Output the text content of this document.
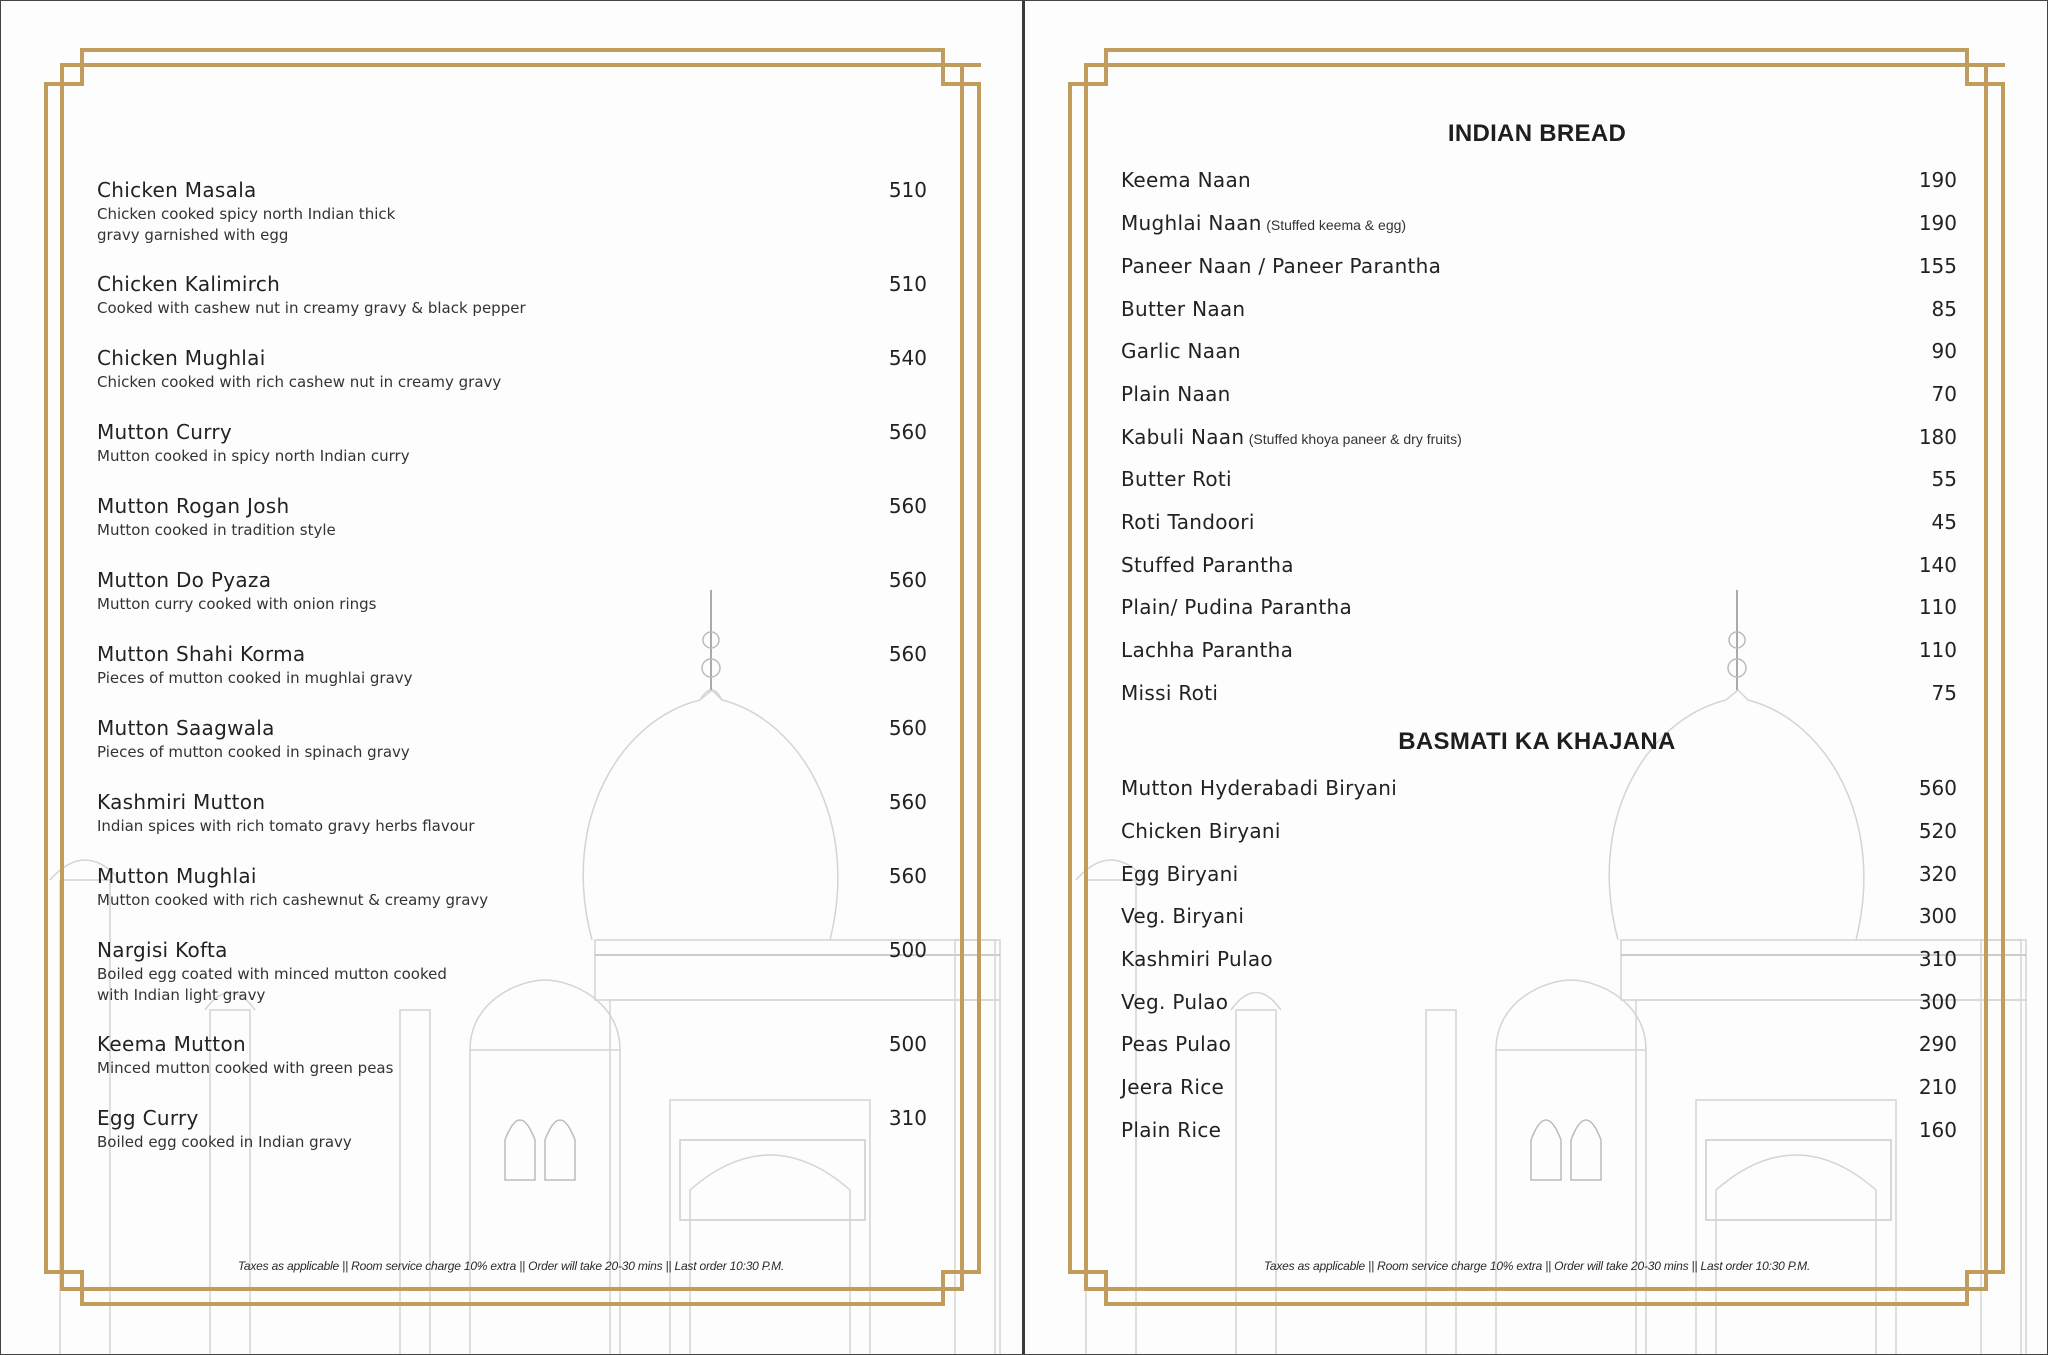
Chicken Masala
Chicken cooked spicy north Indian thick gravy garnished with egg
510
Chicken Kalimirch
Cooked with cashew nut in creamy gravy & black pepper
510
Chicken Mughlai
Chicken cooked with rich cashew nut in creamy gravy
540
Mutton Curry
Mutton cooked in spicy north Indian curry
560
Mutton Rogan Josh
Mutton cooked in tradition style
560
Mutton Do Pyaza
Mutton curry cooked with onion rings
560
Mutton Shahi Korma
Pieces of mutton cooked in mughlai gravy
560
Mutton Saagwala
Pieces of mutton cooked in spinach gravy
560
Kashmiri Mutton
Indian spices with rich tomato gravy herbs flavour
560
Mutton Mughlai
Mutton cooked with rich cashewnut & creamy gravy
560
Nargisi Kofta
Boiled egg coated with minced mutton cooked with Indian light gravy
500
Keema Mutton
Minced mutton cooked with green peas
500
Egg Curry
Boiled egg cooked in Indian gravy
310
Taxes as applicable || Room service charge 10% extra || Order will take 20-30 mins || Last order 10:30 P.M.
INDIAN BREAD
Keema Naan	190
Mughlai Naan (Stuffed keema & egg)	190
Paneer Naan / Paneer Parantha	155
Butter Naan	85
Garlic Naan	90
Plain Naan	70
Kabuli Naan (Stuffed khoya paneer & dry fruits)	180
Butter Roti	55
Roti Tandoori	45
Stuffed Parantha	140
Plain/ Pudina Parantha	110
Lachha Parantha	110
Missi Roti	75
BASMATI KA KHAJANA
Mutton Hyderabadi Biryani	560
Chicken Biryani	520
Egg Biryani	320
Veg. Biryani	300
Kashmiri Pulao	310
Veg. Pulao	300
Peas Pulao	290
Jeera Rice	210
Plain Rice	160
Taxes as applicable || Room service charge 10% extra || Order will take 20-30 mins || Last order 10:30 P.M.
